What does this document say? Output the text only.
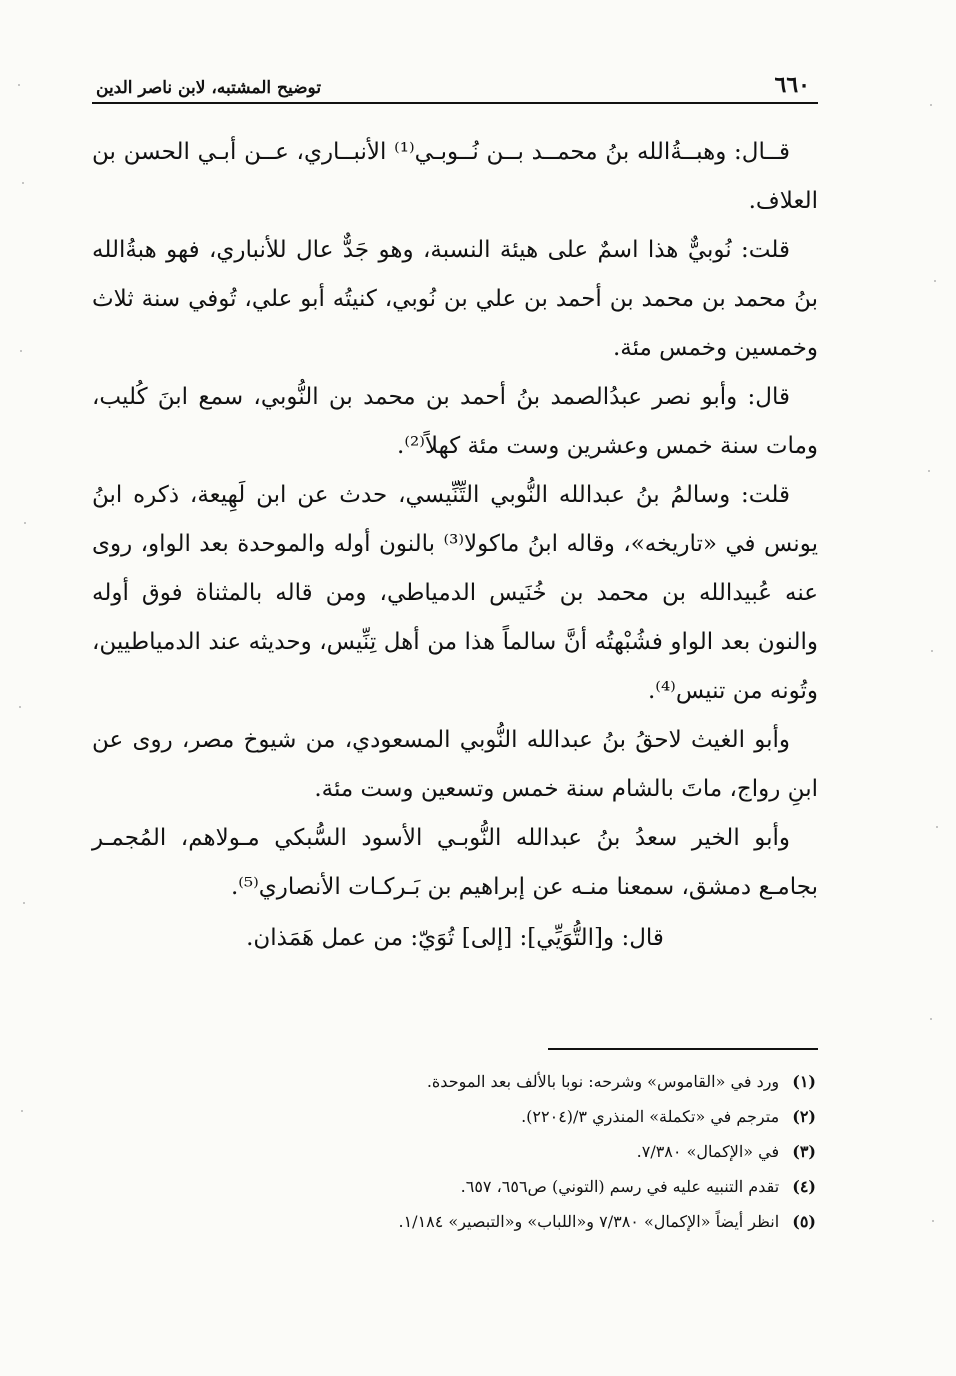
٦٦٠
توضيح المشتبه، لابن ناصر الدين

قــال: وهبــةُالله بنُ محمــد بــن نُــوبـي⁽¹⁾ الأنبــاري، عــن أبـي الحسن بن العلاف.

قلت: نُوبيٌّ هذا اسمٌ على هيئة النسبة، وهو جَدٌّ عال للأنباري، فهو هبةُالله بنُ محمد بن محمد بن أحمد بن علي بن نُوبي، كنيتُه أبو علي، تُوفي سنة ثلاث وخمسين وخمس مئة.

قال: وأبو نصر عبدُالصمد بنُ أحمد بن محمد بن النُّوبي، سمع ابنَ كُليب، ومات سنة خمس وعشرين وست مئة كهلاً⁽²⁾.

قلت: وسالمُ بنُ عبدالله النُّوبي التِّنِّيسي، حدث عن ابن لَهِيعة، ذكره ابنُ يونس في «تاريخه»، وقاله ابنُ ماكولا⁽³⁾ بالنون أوله والموحدة بعد الواو، روى عنه عُبيدالله بن محمد بن خُنَيس الدمياطي، ومن قاله بالمثناة فوق أوله والنون بعد الواو فشُبْهتُه أنَّ سالماً هذا من أهل تِنِّيس، وحديثه عند الدمياطيين، وتُونه من تنيس⁽⁴⁾.

وأبو الغيث لاحقُ بنُ عبدالله النُّوبي المسعودي، من شيوخ مصر، روى عن ابنِ رواج، ماتَ بالشام سنة خمس وتسعين وست مئة.

وأبو الخير سعدُ بنُ عبدالله النُّوبـي الأسود السُّبكي مـولاهم، المُجمـر بجامـع دمشق، سمعنا منـه عن إبراهيم بن بَـركـات الأنصاري⁽⁵⁾.

قال: و[التُّوَيِّي]: [إلى] تُوَيّ: من عمل هَمَذان.

(١) ورد في «القاموس» وشرحه: نوبا بالألف بعد الموحدة.

(٢) مترجم في «تكملة» المنذري ٣/(٢٢٠٤).

(٣) في «الإكمال» ٧/٣٨٠.

(٤) تقدم التنبيه عليه في رسم (التوني) ص٦٥٦، ٦٥٧.

(٥) انظر أيضاً «الإكمال» ٧/٣٨٠ و«اللباب» و«التبصير» ١/١٨٤.
